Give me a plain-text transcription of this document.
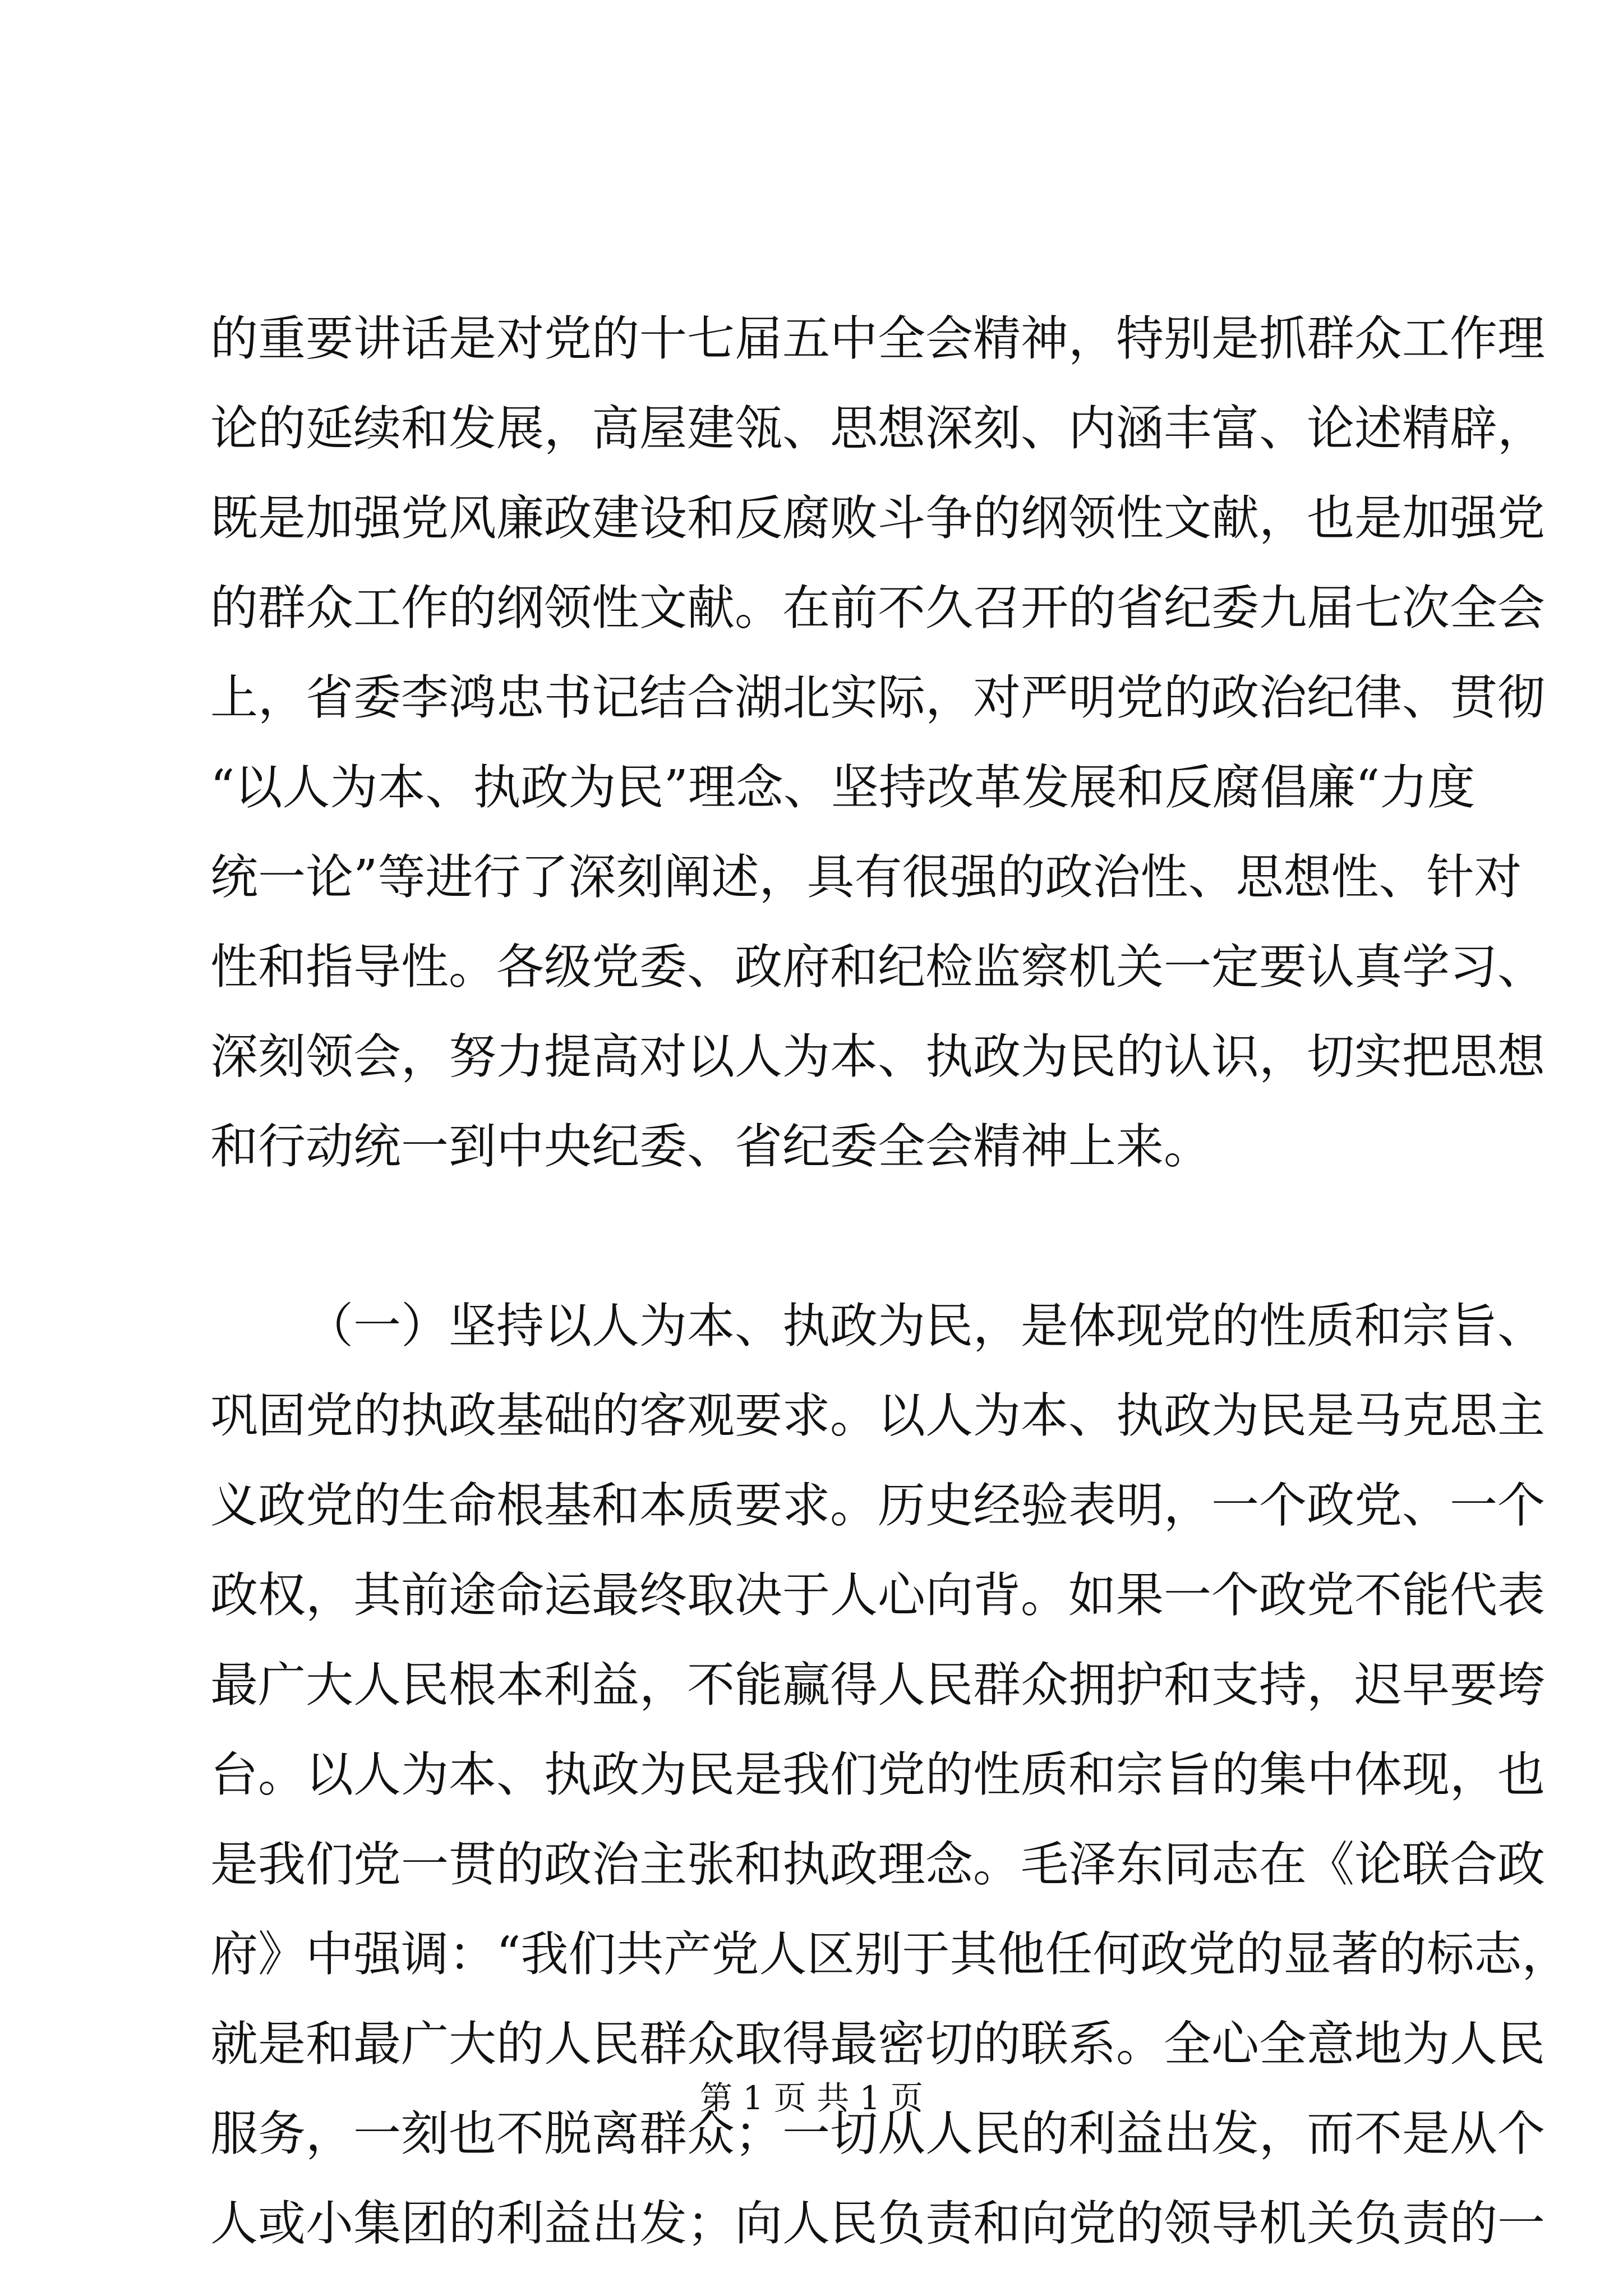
的重要讲话是对党的十七届五中全会精神，特别是抓群众工作理
论的延续和发展，高屋建瓴、思想深刻、内涵丰富、论述精辟，
既是加强党风廉政建设和反腐败斗争的纲领性文献，也是加强党
的群众工作的纲领性文献。在前不久召开的省纪委九届七次全会
上，省委李鸿忠书记结合湖北实际，对严明党的政治纪律、贯彻
“以人为本、执政为民”理念、坚持改革发展和反腐倡廉“力度
统一论”等进行了深刻阐述，具有很强的政治性、思想性、针对
性和指导性。各级党委、政府和纪检监察机关一定要认真学习、
深刻领会，努力提高对以人为本、执政为民的认识，切实把思想
和行动统一到中央纪委、省纪委全会精神上来。
（一）坚持以人为本、执政为民，是体现党的性质和宗旨、
巩固党的执政基础的客观要求。以人为本、执政为民是马克思主
义政党的生命根基和本质要求。历史经验表明，一个政党、一个
政权，其前途命运最终取决于人心向背。如果一个政党不能代表
最广大人民根本利益，不能赢得人民群众拥护和支持，迟早要垮
台。以人为本、执政为民是我们党的性质和宗旨的集中体现，也
是我们党一贯的政治主张和执政理念。毛泽东同志在《论联合政
府》中强调：“我们共产党人区别于其他任何政党的显著的标志，
就是和最广大的人民群众取得最密切的联系。全心全意地为人民
服务，一刻也不脱离群众；一切从人民的利益出发，而不是从个
人或小集团的利益出发；向人民负责和向党的领导机关负责的一
第 1 页 共 1 页
